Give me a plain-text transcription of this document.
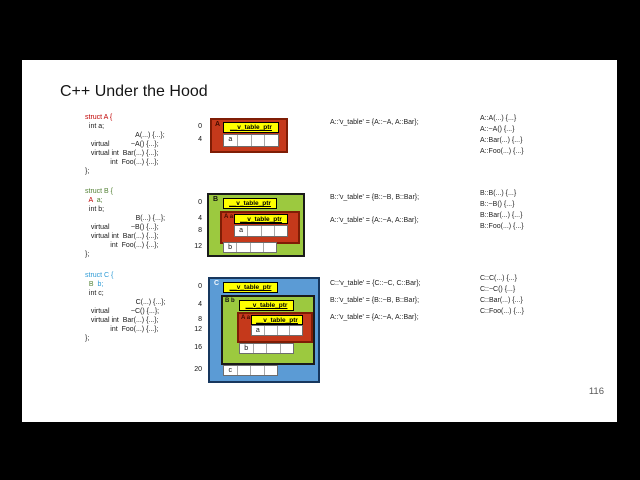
C++ Under the Hood
struct A {
int a;
A(...) {...};
virtual           ~A() {...};
virtual int  Bar(...) {...};
int  Foo(...) {...};
};
0
4
A	__v_table_ptr
a
A::'v_table' = {A::~A, A::Bar};
A::A(...) {...}
A::~A() {...}
A::Bar(...) {...}
A::Foo(...) {...}
struct B {
A a;
int b;
B(...) {...};
virtual           ~B() {...};
virtual int  Bar(...) {...};
int  Foo(...) {...};
};
0
4
8
12
B
__v_table_ptr
A a	__v_table_ptr
a
b
B::'v_table' = {B::~B, B::Bar};
A::'v_table' = {A::~A, A::Bar};
B::B(...) {...}
B::~B() {...}
B::Bar(...) {...}
B::Foo(...) {...}
struct C {
B b;
int c;
C(...) {...};
virtual           ~C() {...};
virtual int  Bar(...) {...};
int  Foo(...) {...};
};
0
4
8
12
16
20
C
__v_table_ptr
B b
__v_table_ptr
A a __v_table_ptr
a
b
c
C::'v_table' = {C::~C, C::Bar};
B::'v_table' = {B::~B, B::Bar};
A::'v_table' = {A::~A, A::Bar};
C::C(...) {...}
C::~C() {...}
C::Bar(...) {...}
C::Foo(...) {...}
116
